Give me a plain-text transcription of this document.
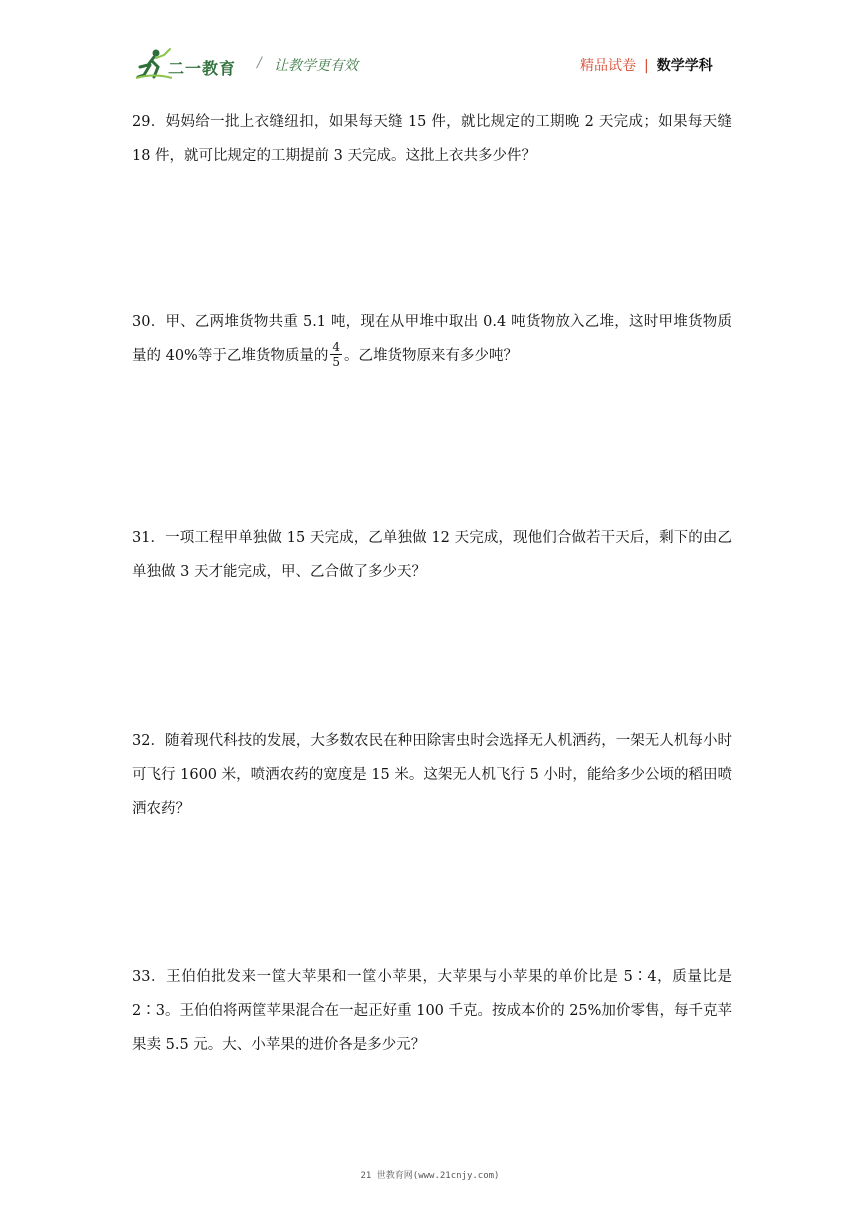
二一教育 / 让教学更有效	精品试卷 | 数学学科
29．妈妈给一批上衣缝纽扣，如果每天缝 15 件，就比规定的工期晚 2 天完成；如果每天缝 18 件，就可比规定的工期提前 3 天完成。这批上衣共多少件？
30．甲、乙两堆货物共重 5.1 吨，现在从甲堆中取出 0.4 吨货物放入乙堆，这时甲堆货物质量的 40%等于乙堆货物质量的 $\frac{4}{5}$ 。乙堆货物原来有多少吨？
31．一项工程甲单独做 15 天完成，乙单独做 12 天完成，现他们合做若干天后，剩下的由乙单独做 3 天才能完成，甲、乙合做了多少天？
32．随着现代科技的发展，大多数农民在种田除害虫时会选择无人机洒药，一架无人机每小时可飞行 1600 米，喷洒农药的宽度是 15 米。这架无人机飞行 5 小时，能给多少公顷的稻田喷洒农药？
33．王伯伯批发来一筐大苹果和一筐小苹果，大苹果与小苹果的单价比是 5∶4，质量比是 2∶3。王伯伯将两筐苹果混合在一起正好重 100 千克。按成本价的 25%加价零售，每千克苹果卖 5.5 元。大、小苹果的进价各是多少元？
21 世教育网(www.21cnjy.com)
